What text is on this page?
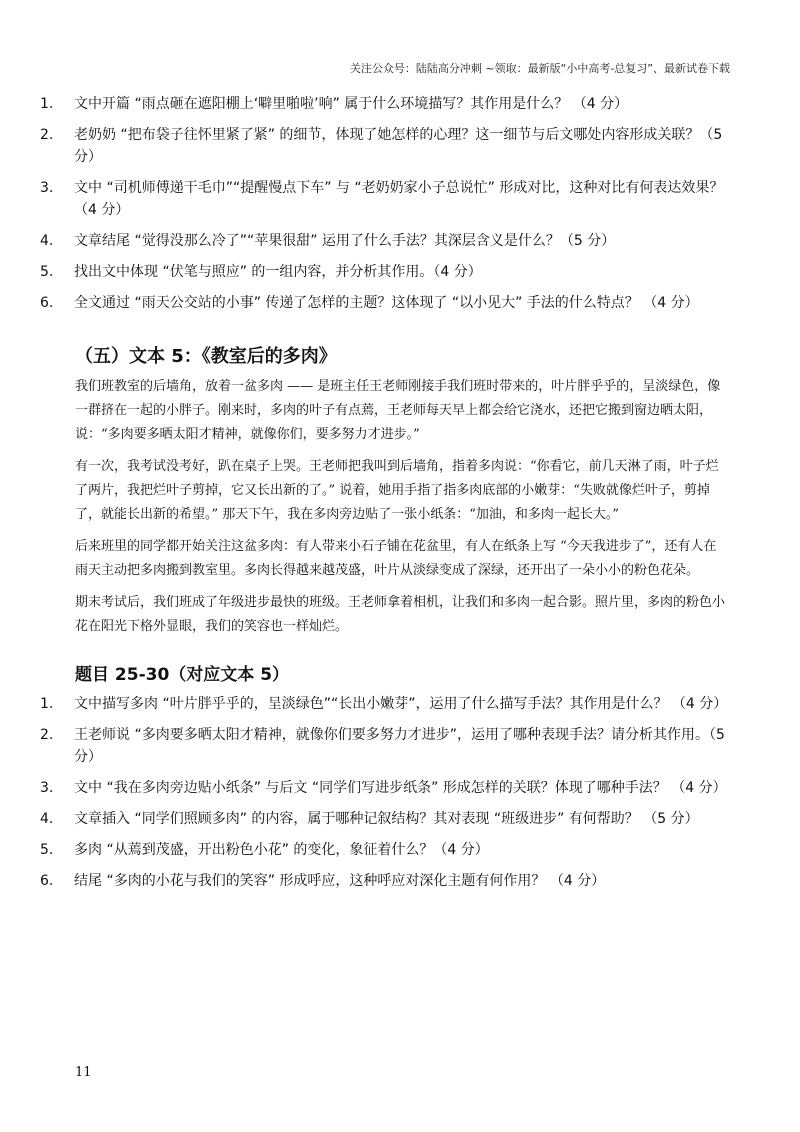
关注公众号：陆陆高分冲刺 ~领取：最新版“小中高考-总复习”、最新试卷下载
1.	文中开篇 “雨点砸在遮阳棚上‘噼里啪啦’响” 属于什么环境描写？其作用是什么？ （4 分）
2.	老奶奶 “把布袋子往怀里紧了紧” 的细节，体现了她怎样的心理？这一细节与后文哪处内容形成关联？（5 分）
3.	文中 “司机师傅递干毛巾”“提醒慢点下车” 与 “老奶奶家小子总说忙” 形成对比，这种对比有何表达效果？（4 分）
4.	文章结尾 “觉得没那么冷了”“苹果很甜” 运用了什么手法？其深层含义是什么？（5 分）
5.	找出文中体现 “伏笔与照应” 的一组内容，并分析其作用。（4 分）
6.	全文通过 “雨天公交站的小事” 传递了怎样的主题？这体现了 “以小见大” 手法的什么特点？ （4 分）
（五）文本 5：《教室后的多肉》

我们班教室的后墙角，放着一盆多肉 —— 是班主任王老师刚接手我们班时带来的，叶片胖乎乎的，呈淡绿色，像一群挤在一起的小胖子。刚来时，多肉的叶子有点蔫，王老师每天早上都会给它浇水，还把它搬到窗边晒太阳，说：“多肉要多晒太阳才精神，就像你们，要多努力才进步。”

有一次，我考试没考好，趴在桌子上哭。王老师把我叫到后墙角，指着多肉说：“你看它，前几天淋了雨，叶子烂了两片，我把烂叶子剪掉，它又长出新的了。” 说着，她用手指了指多肉底部的小嫩芽：“失败就像烂叶子，剪掉了，就能长出新的希望。” 那天下午，我在多肉旁边贴了一张小纸条：“加油，和多肉一起长大。”

后来班里的同学都开始关注这盆多肉：有人带来小石子铺在花盆里，有人在纸条上写 “今天我进步了”，还有人在雨天主动把多肉搬到教室里。多肉长得越来越茂盛，叶片从淡绿变成了深绿，还开出了一朵小小的粉色花朵。

期末考试后，我们班成了年级进步最快的班级。王老师拿着相机，让我们和多肉一起合影。照片里，多肉的粉色小花在阳光下格外显眼，我们的笑容也一样灿烂。

题目 25-30（对应文本 5）
1.	文中描写多肉 “叶片胖乎乎的，呈淡绿色”“长出小嫩芽”，运用了什么描写手法？其作用是什么？ （4 分）
2.	王老师说 “多肉要多晒太阳才精神，就像你们要多努力才进步”，运用了哪种表现手法？请分析其作用。（5 分）
3.	文中 “我在多肉旁边贴小纸条” 与后文 “同学们写进步纸条” 形成怎样的关联？体现了哪种手法？ （4 分）
4.	文章插入 “同学们照顾多肉” 的内容，属于哪种记叙结构？其对表现 “班级进步” 有何帮助？ （5 分）
5.	多肉 “从蔫到茂盛，开出粉色小花” 的变化，象征着什么？（4 分）
6.	结尾 “多肉的小花与我们的笑容” 形成呼应，这种呼应对深化主题有何作用？ （4 分）
11
